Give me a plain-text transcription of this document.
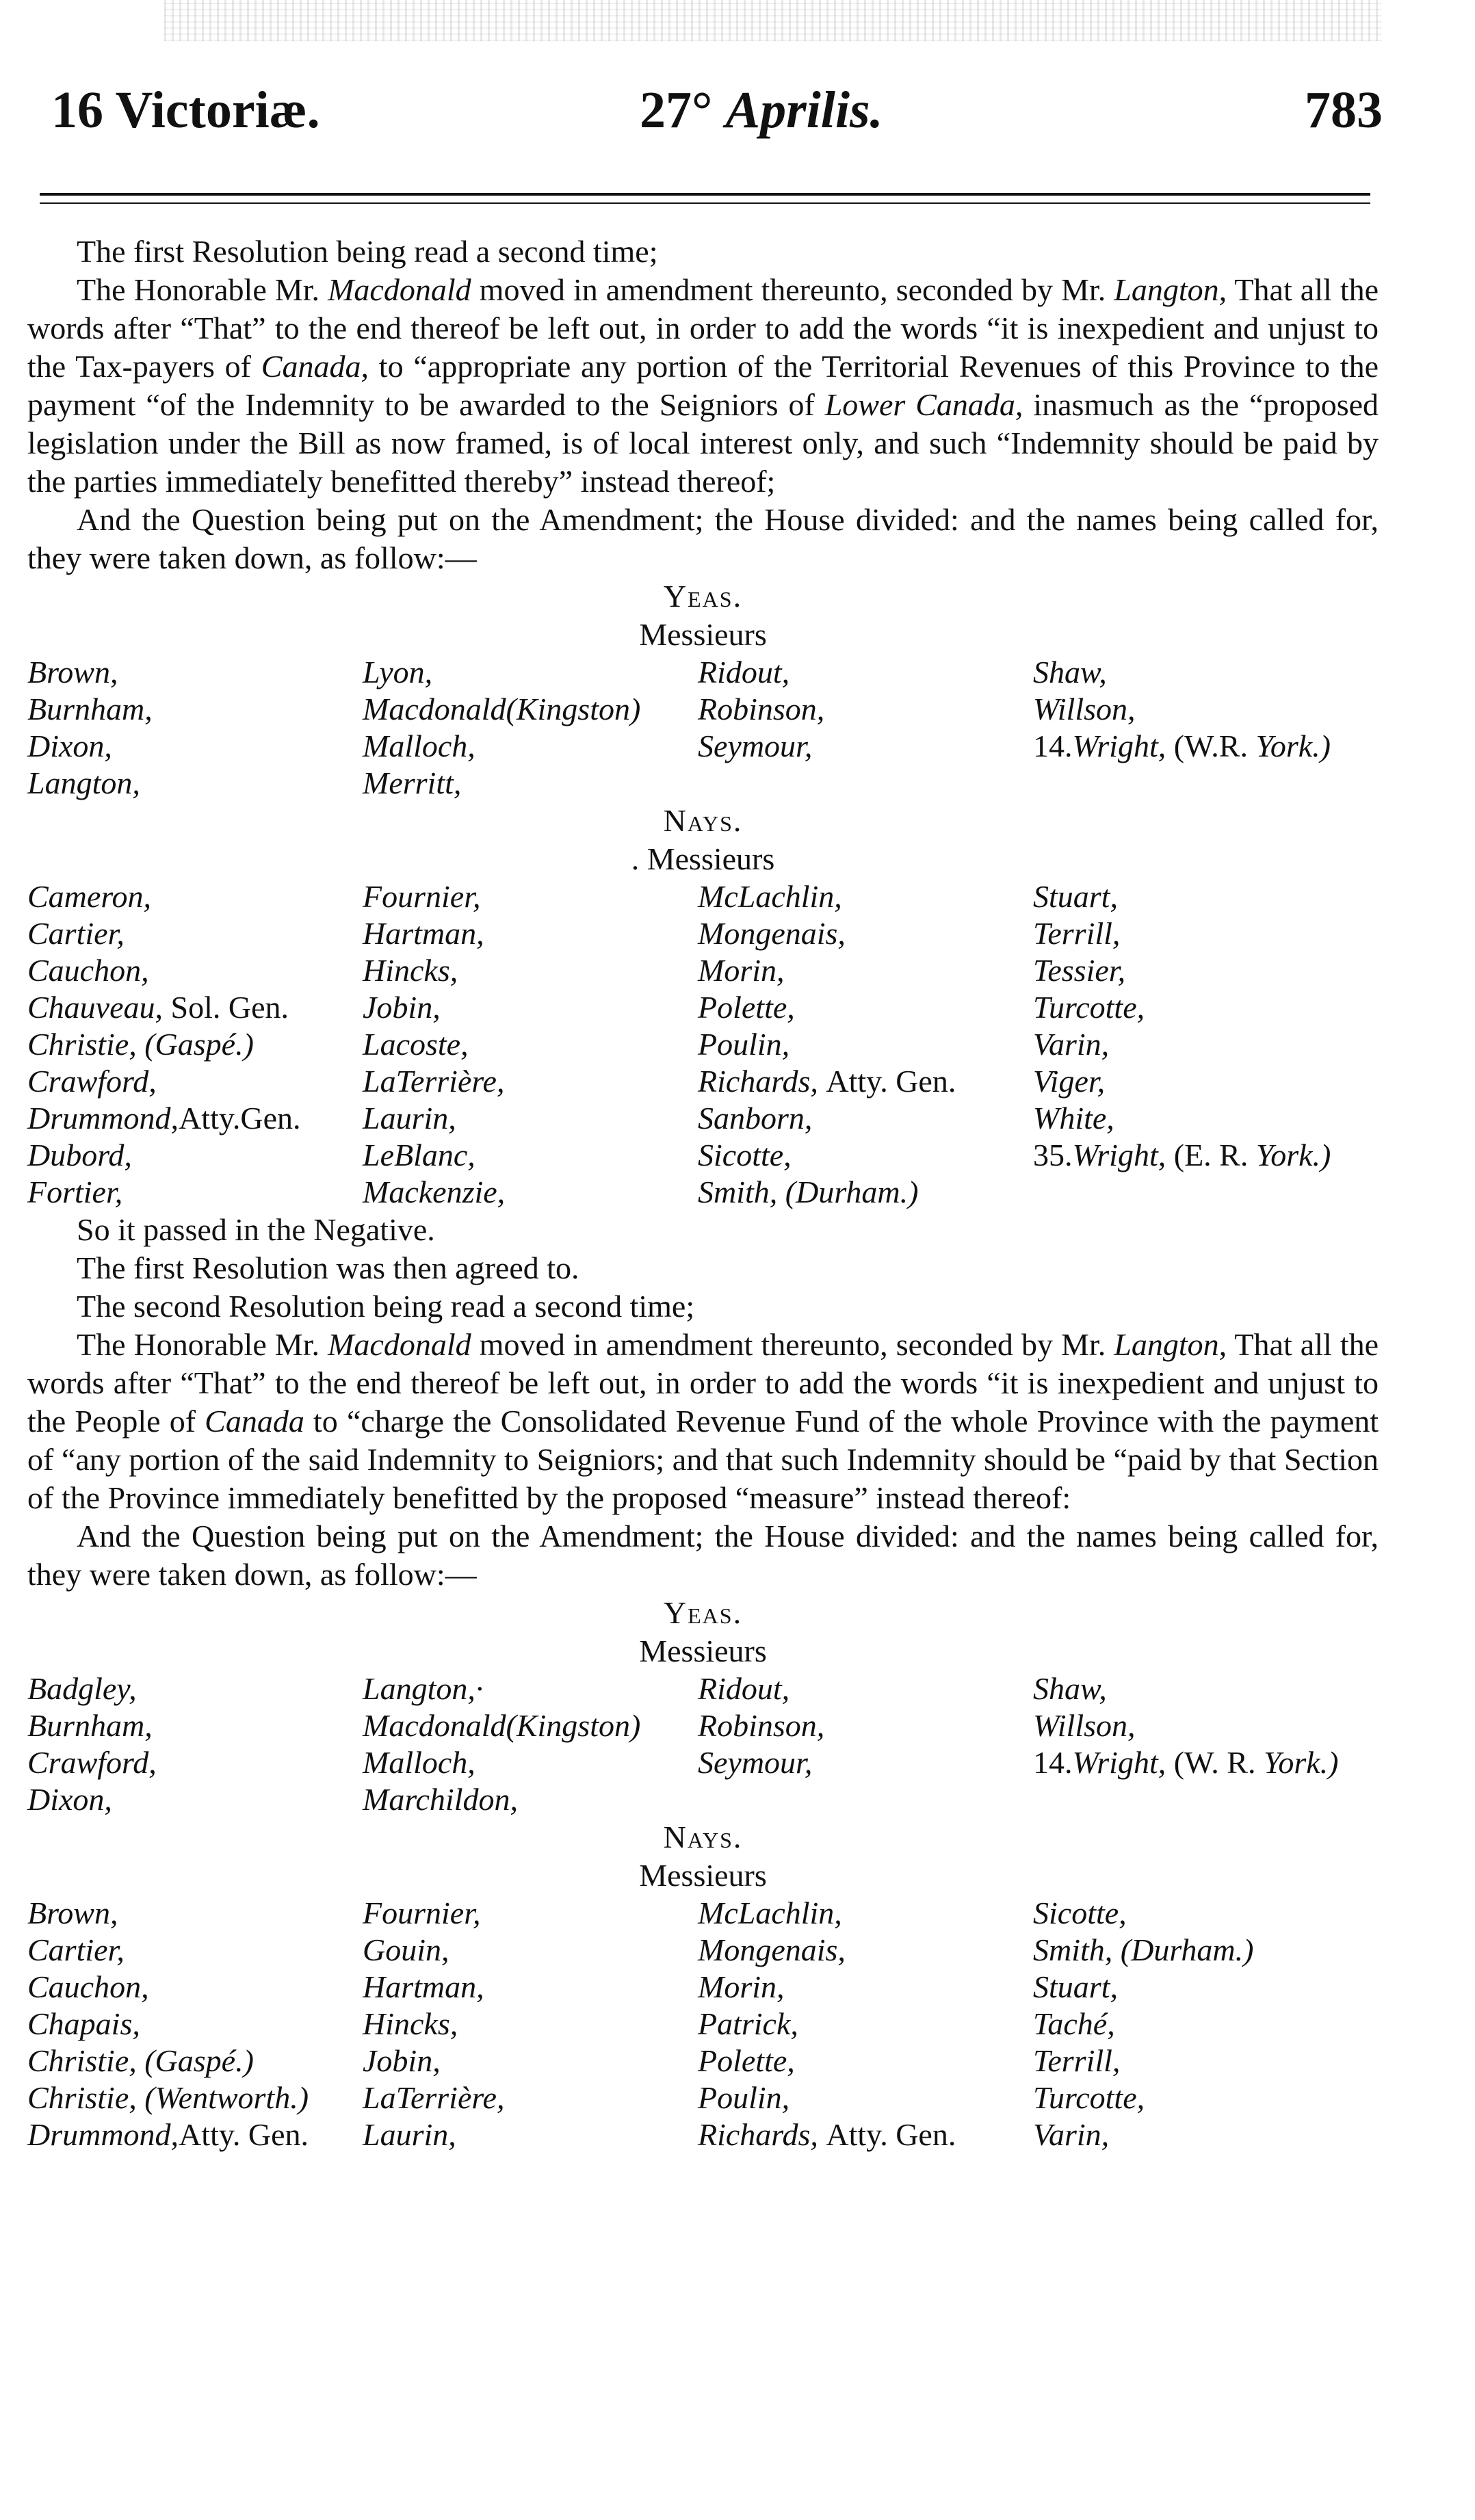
16 Victoriæ.	27° Aprilis.	783

The first Resolution being read a second time;

The Honorable Mr. Macdonald moved in amendment thereunto, seconded by Mr. Langton, That all the words after “That” to the end thereof be left out, in order to add the words “it is inexpedient and unjust to the Tax-payers of Canada, to “appropriate any portion of the Territorial Revenues of this Province to the payment “of the Indemnity to be awarded to the Seigniors of Lower Canada, inasmuch as the “proposed legislation under the Bill as now framed, is of local interest only, and such “Indemnity should be paid by the parties immediately benefitted thereby” instead thereof;

And the Question being put on the Amendment; the House divided: and the names being called for, they were taken down, as follow:—

Yeas.

Messieurs

Brown,	Lyon,	Ridout,	Shaw,
Burnham,	Macdonald(Kingston)	Robinson,	Willson,
Dixon,	Malloch,	Seymour,	14.Wright, (W.R. York.)
Langton,	Merritt,

Nays.

. Messieurs

Cameron,	Fournier,	McLachlin,	Stuart,
Cartier,	Hartman,	Mongenais,	Terrill,
Cauchon,	Hincks,	Morin,	Tessier,
Chauveau, Sol. Gen.	Jobin,	Polette,	Turcotte,
Christie, (Gaspé.)	Lacoste,	Poulin,	Varin,
Crawford,	LaTerrière,	Richards, Atty. Gen.	Viger,
Drummond,Atty.Gen.	Laurin,	Sanborn,	White,
Dubord,	LeBlanc,	Sicotte,	35.Wright, (E. R. York.)
Fortier,	Mackenzie,	Smith, (Durham.)

So it passed in the Negative.

The first Resolution was then agreed to.

The second Resolution being read a second time;

The Honorable Mr. Macdonald moved in amendment thereunto, seconded by Mr. Langton, That all the words after “That” to the end thereof be left out, in order to add the words “it is inexpedient and unjust to the People of Canada to “charge the Consolidated Revenue Fund of the whole Province with the payment of “any portion of the said Indemnity to Seigniors; and that such Indemnity should be “paid by that Section of the Province immediately benefitted by the proposed “measure” instead thereof:

And the Question being put on the Amendment; the House divided: and the names being called for, they were taken down, as follow:—

Yeas.

Messieurs

Badgley,	Langton,·	Ridout,	Shaw,
Burnham,	Macdonald(Kingston)	Robinson,	Willson,
Crawford,	Malloch,	Seymour,	14.Wright, (W. R. York.)
Dixon,	Marchildon,

Nays.

Messieurs

Brown,	Fournier,	McLachlin,	Sicotte,
Cartier,	Gouin,	Mongenais,	Smith, (Durham.)
Cauchon,	Hartman,	Morin,	Stuart,
Chapais,	Hincks,	Patrick,	Taché,
Christie, (Gaspé.)	Jobin,	Polette,	Terrill,
Christie, (Wentworth.)	LaTerrière,	Poulin,	Turcotte,
Drummond,Atty. Gen.	Laurin,	Richards, Atty. Gen.	Varin,
